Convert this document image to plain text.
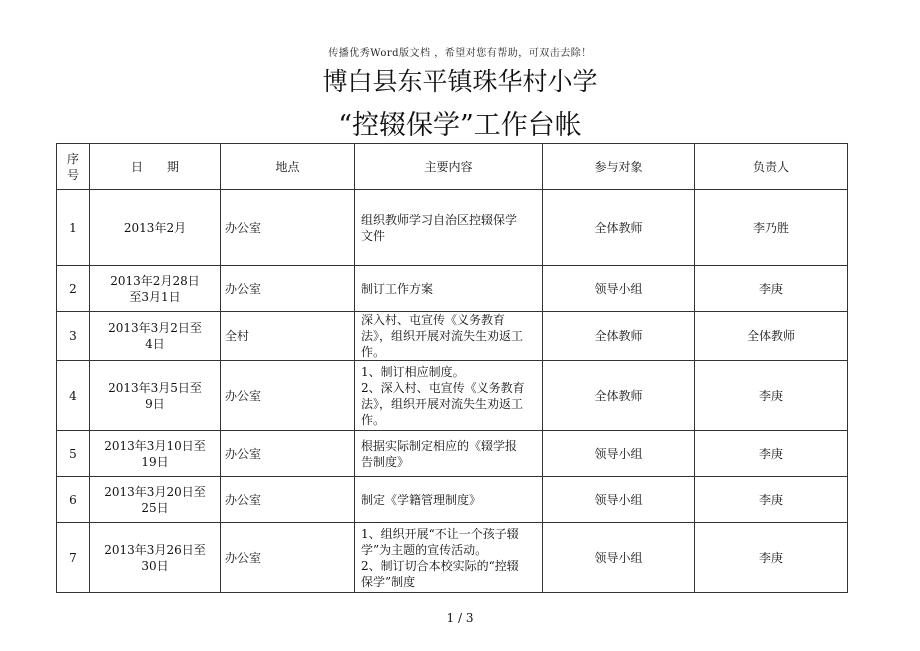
传播优秀Word版文档 ，希望对您有帮助，可双击去除！
博白县东平镇珠华村小学
“控辍保学”工作台帐
序
号	日　　期	地点	主要内容	参与对象	负责人
1	2013年2月	办公室	组织教师学习自治区控辍保学
文件	全体教师	李乃胜
2	2013年2月28日
至3月1日	办公室	制订工作方案	领导小组	李庚
3	2013年3月2日至
4日	全村	深入村、屯宣传《义务教育
法》，组织开展对流失生劝返工
作。	全体教师	全体教师
4	2013年3月5日至
9日	办公室	1、制订相应制度。
2、深入村、屯宣传《义务教育
法》，组织开展对流失生劝返工
作。	全体教师	李庚
5	2013年3月10日至
19日	办公室	根据实际制定相应的《辍学报
告制度》	领导小组	李庚
6	2013年3月20日至
25日	办公室	制定《学籍管理制度》	领导小组	李庚
7	2013年3月26日至
30日	办公室	1、组织开展“不让一个孩子辍
学”为主题的宣传活动。
2、制订切合本校实际的“控辍
保学”制度	领导小组	李庚
1 / 3
